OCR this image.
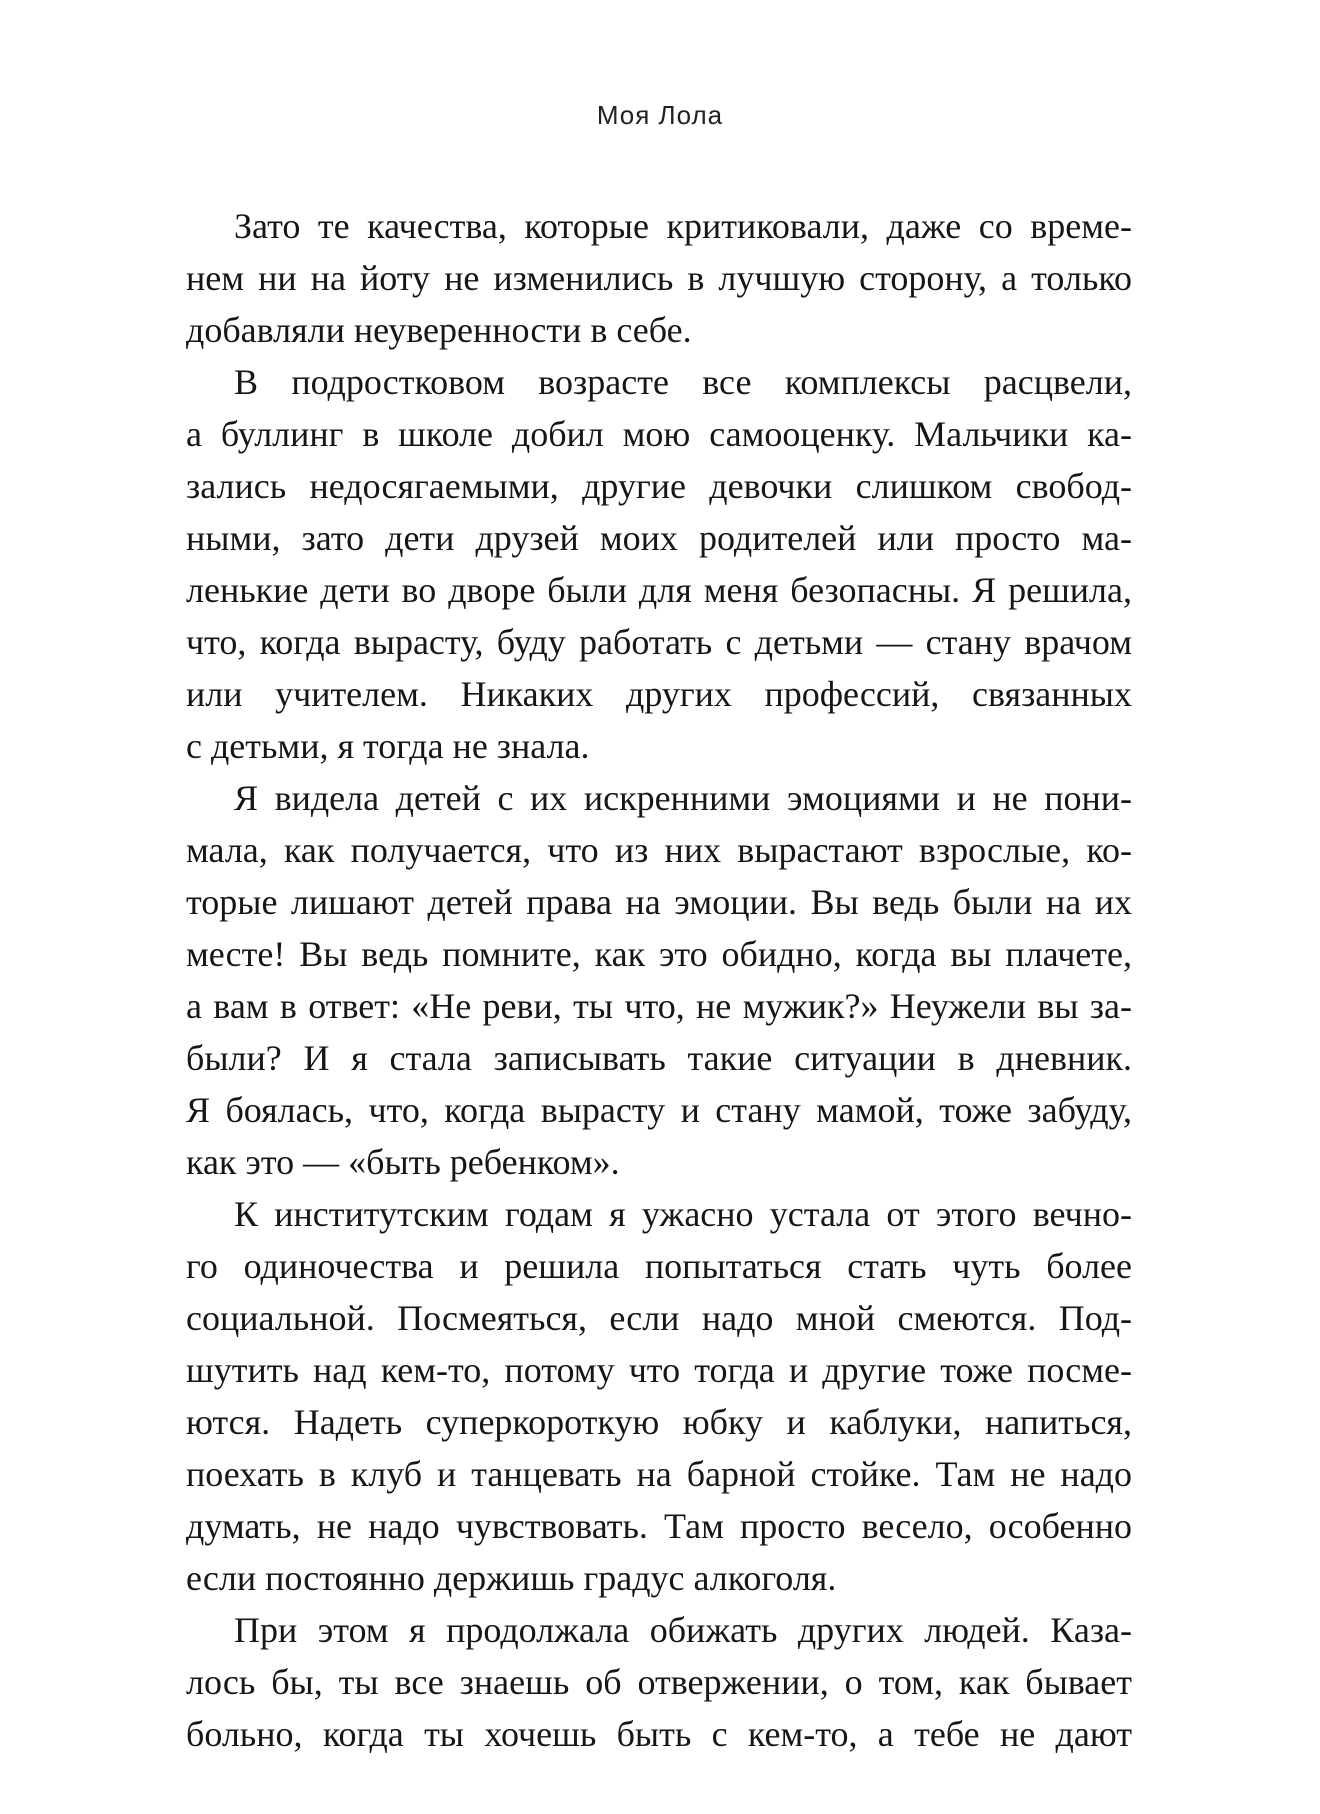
Моя Лола

Зато те качества, которые критиковали, даже со време-
нем ни на йоту не изменились в лучшую сторону, а только
добавляли неуверенности в себе.

В подростковом возрасте все комплексы расцвели,
а буллинг в школе добил мою самооценку. Мальчики ка-
зались недосягаемыми, другие девочки слишком свобод-
ными, зато дети друзей моих родителей или просто ма-
ленькие дети во дворе были для меня безопасны. Я решила,
что, когда вырасту, буду работать с детьми — стану врачом
или учителем. Никаких других профессий, связанных
с детьми, я тогда не знала.

Я видела детей с их искренними эмоциями и не пони-
мала, как получается, что из них вырастают взрослые, ко-
торые лишают детей права на эмоции. Вы ведь были на их
месте! Вы ведь помните, как это обидно, когда вы плачете,
а вам в ответ: «Не реви, ты что, не мужик?» Неужели вы за-
были? И я стала записывать такие ситуации в дневник.
Я боялась, что, когда вырасту и стану мамой, тоже забуду,
как это — «быть ребенком».

К институтским годам я ужасно устала от этого вечно-
го одиночества и решила попытаться стать чуть более
социальной. Посмеяться, если надо мной смеются. Под-
шутить над кем-то, потому что тогда и другие тоже посме-
ются. Надеть суперкороткую юбку и каблуки, напиться,
поехать в клуб и танцевать на барной стойке. Там не надо
думать, не надо чувствовать. Там просто весело, особенно
если постоянно держишь градус алкоголя.

При этом я продолжала обижать других людей. Каза-
лось бы, ты все знаешь об отвержении, о том, как бывает
больно, когда ты хочешь быть с кем-то, а тебе не дают
